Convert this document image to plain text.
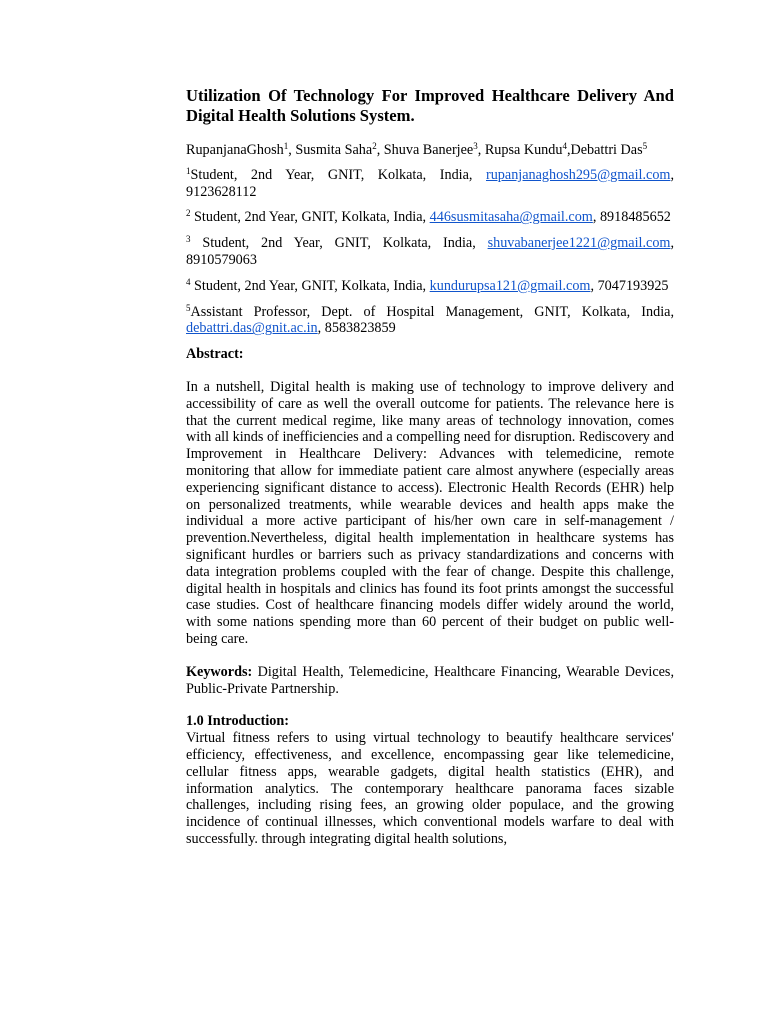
Utilization Of Technology For Improved Healthcare Delivery And Digital Health Solutions System.
RupanjanaGhosh$^1$, Susmita Saha$^2$, Shuva Banerjee$^3$, Rupsa Kundu$^4$,Debattri Das$^5$
$^1$Student, 2nd Year, GNIT, Kolkata, India, rupanjanaghosh295@gmail.com, 9123628112
$^2$ Student, 2nd Year, GNIT, Kolkata, India, 446susmitasaha@gmail.com, 8918485652
$^3$ Student, 2nd Year, GNIT, Kolkata, India, shuvabanerjee1221@gmail.com, 8910579063
$^4$ Student, 2nd Year, GNIT, Kolkata, India, kundurupsa121@gmail.com, 7047193925
$^5$Assistant Professor, Dept. of Hospital Management, GNIT, Kolkata, India, debattri.das@gnit.ac.in, 8583823859
Abstract:
In a nutshell, Digital health is making use of technology to improve delivery and accessibility of care as well the overall outcome for patients. The relevance here is that the current medical regime, like many areas of technology innovation, comes with all kinds of inefficiencies and a compelling need for disruption. Rediscovery and Improvement in Healthcare Delivery: Advances with telemedicine, remote monitoring that allow for immediate patient care almost anywhere (especially areas experiencing significant distance to access). Electronic Health Records (EHR) help on personalized treatments, while wearable devices and health apps make the individual a more active participant of his/her own care in self-management / prevention.Nevertheless, digital health implementation in healthcare systems has significant hurdles or barriers such as privacy standardizations and concerns with data integration problems coupled with the fear of change. Despite this challenge, digital health in hospitals and clinics has found its foot prints amongst the successful case studies. Cost of healthcare financing models differ widely around the world, with some nations spending more than 60 percent of their budget on public well-being care.
Keywords: Digital Health, Telemedicine, Healthcare Financing, Wearable Devices, Public-Private Partnership.
1.0 Introduction:
Virtual fitness refers to using virtual technology to beautify healthcare services' efficiency, effectiveness, and excellence, encompassing gear like telemedicine, cellular fitness apps, wearable gadgets, digital health statistics (EHR), and information analytics. The contemporary healthcare panorama faces sizable challenges, including rising fees, an growing older populace, and the growing incidence of continual illnesses, which conventional models warfare to deal with successfully. through integrating digital health solutions,
